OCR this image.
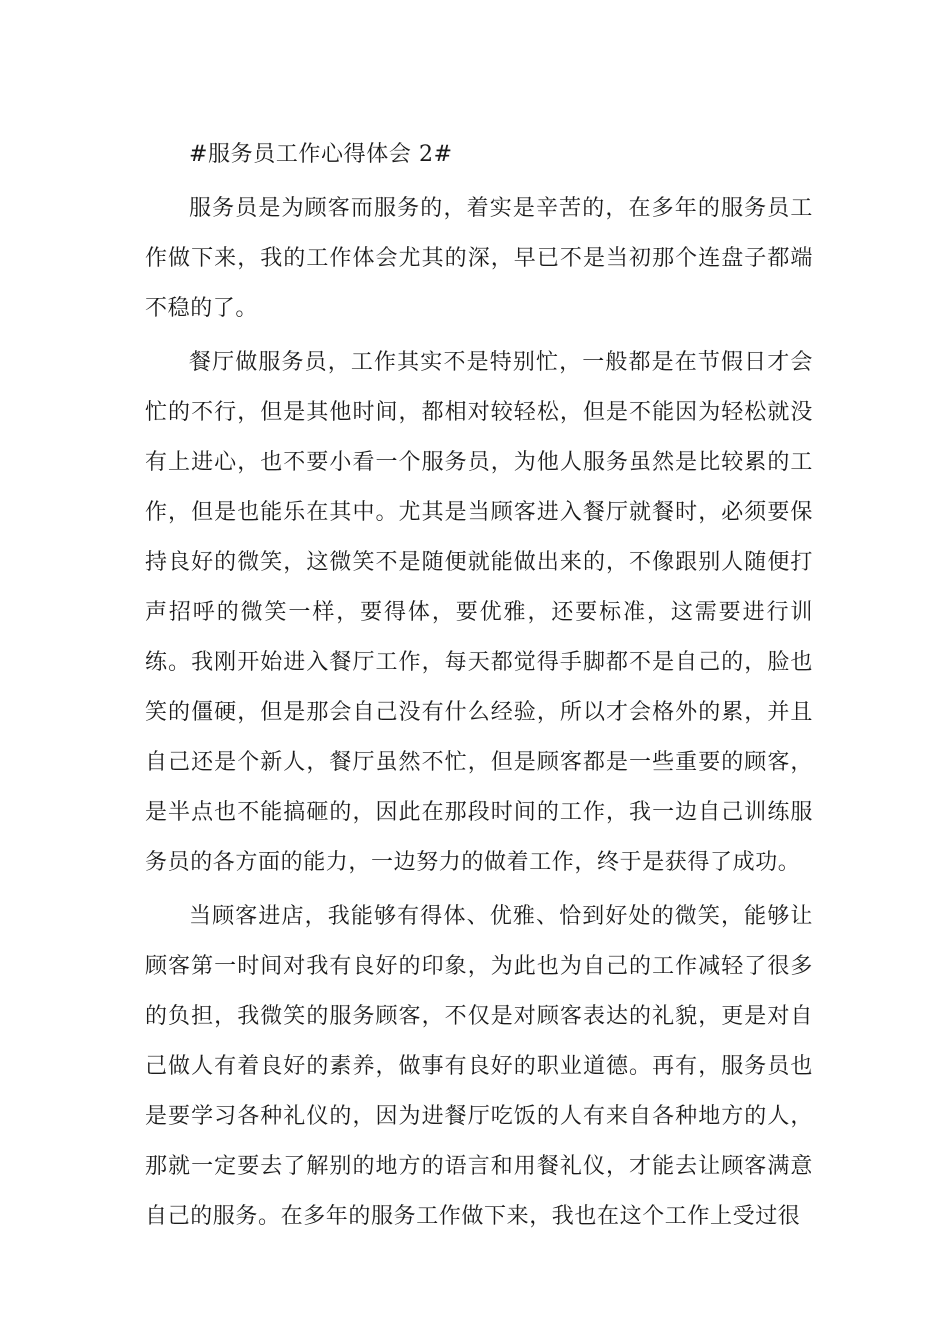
#服务员工作心得体会 2#

服务员是为顾客而服务的，着实是辛苦的，在多年的服务员工作做下来，我的工作体会尤其的深，早已不是当初那个连盘子都端不稳的了。

餐厅做服务员，工作其实不是特别忙，一般都是在节假日才会忙的不行，但是其他时间，都相对较轻松，但是不能因为轻松就没有上进心，也不要小看一个服务员，为他人服务虽然是比较累的工作，但是也能乐在其中。尤其是当顾客进入餐厅就餐时，必须要保持良好的微笑，这微笑不是随便就能做出来的，不像跟别人随便打声招呼的微笑一样，要得体，要优雅，还要标准，这需要进行训练。我刚开始进入餐厅工作，每天都觉得手脚都不是自己的，脸也笑的僵硬，但是那会自己没有什么经验，所以才会格外的累，并且自己还是个新人，餐厅虽然不忙，但是顾客都是一些重要的顾客，是半点也不能搞砸的，因此在那段时间的工作，我一边自己训练服务员的各方面的能力，一边努力的做着工作，终于是获得了成功。

当顾客进店，我能够有得体、优雅、恰到好处的微笑，能够让顾客第一时间对我有良好的印象，为此也为自己的工作减轻了很多的负担，我微笑的服务顾客，不仅是对顾客表达的礼貌，更是对自己做人有着良好的素养，做事有良好的职业道德。再有，服务员也是要学习各种礼仪的，因为进餐厅吃饭的人有来自各种地方的人，那就一定要去了解别的地方的语言和用餐礼仪，才能去让顾客满意自己的服务。在多年的服务工作做下来，我也在这个工作上受过很
